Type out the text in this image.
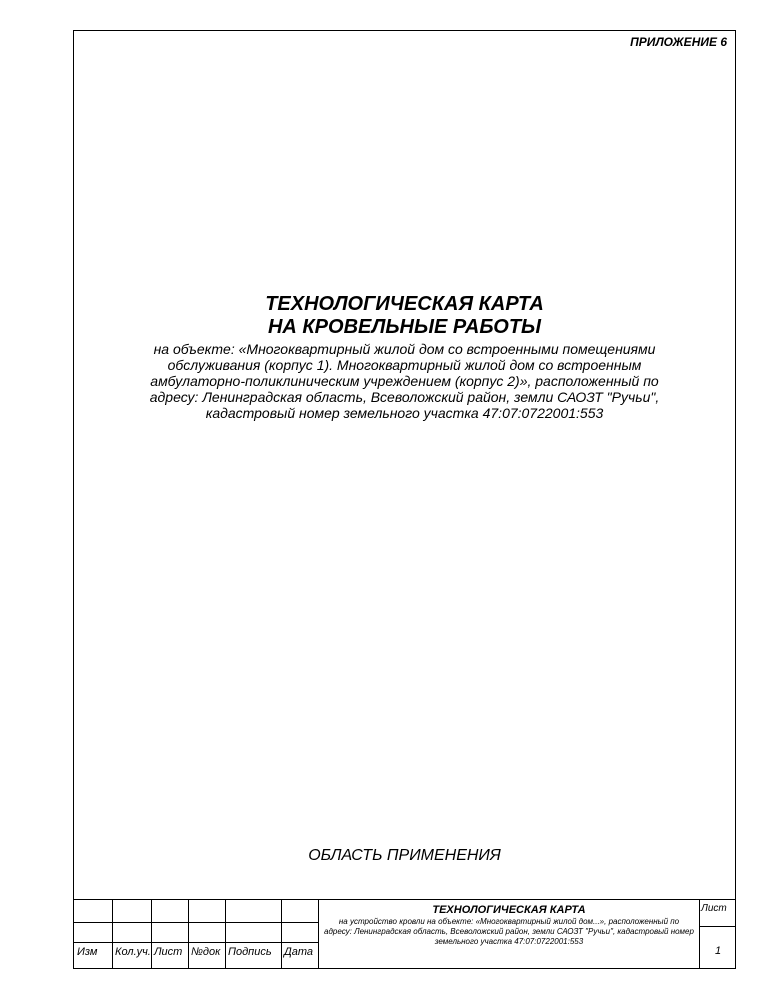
ПРИЛОЖЕНИЕ 6
ТЕХНОЛОГИЧЕСКАЯ КАРТА
НА КРОВЕЛЬНЫЕ РАБОТЫ
на объекте: «Многоквартирный жилой дом со встроенными помещениями обслуживания (корпус 1). Многоквартирный жилой дом со встроенным амбулаторно-поликлиническим учреждением (корпус 2)», расположенный по адресу: Ленинградская область, Всеволожский район, земли САОЗТ "Ручьи", кадастровый номер земельного участка 47:07:0722001:553
ОБЛАСТЬ ПРИМЕНЕНИЯ
Изм	Кол.уч. Лист №док Подпись	Дата
ТЕХНОЛОГИЧЕСКАЯ КАРТА
на устройство кровли на объекте: «Многоквартирный жилой дом...», расположенный по адресу: Ленинградская область, Всеволожский район, земли САОЗТ "Ручьи", кадастровый номер земельного участка 47:07:0722001:553
Лист
1
